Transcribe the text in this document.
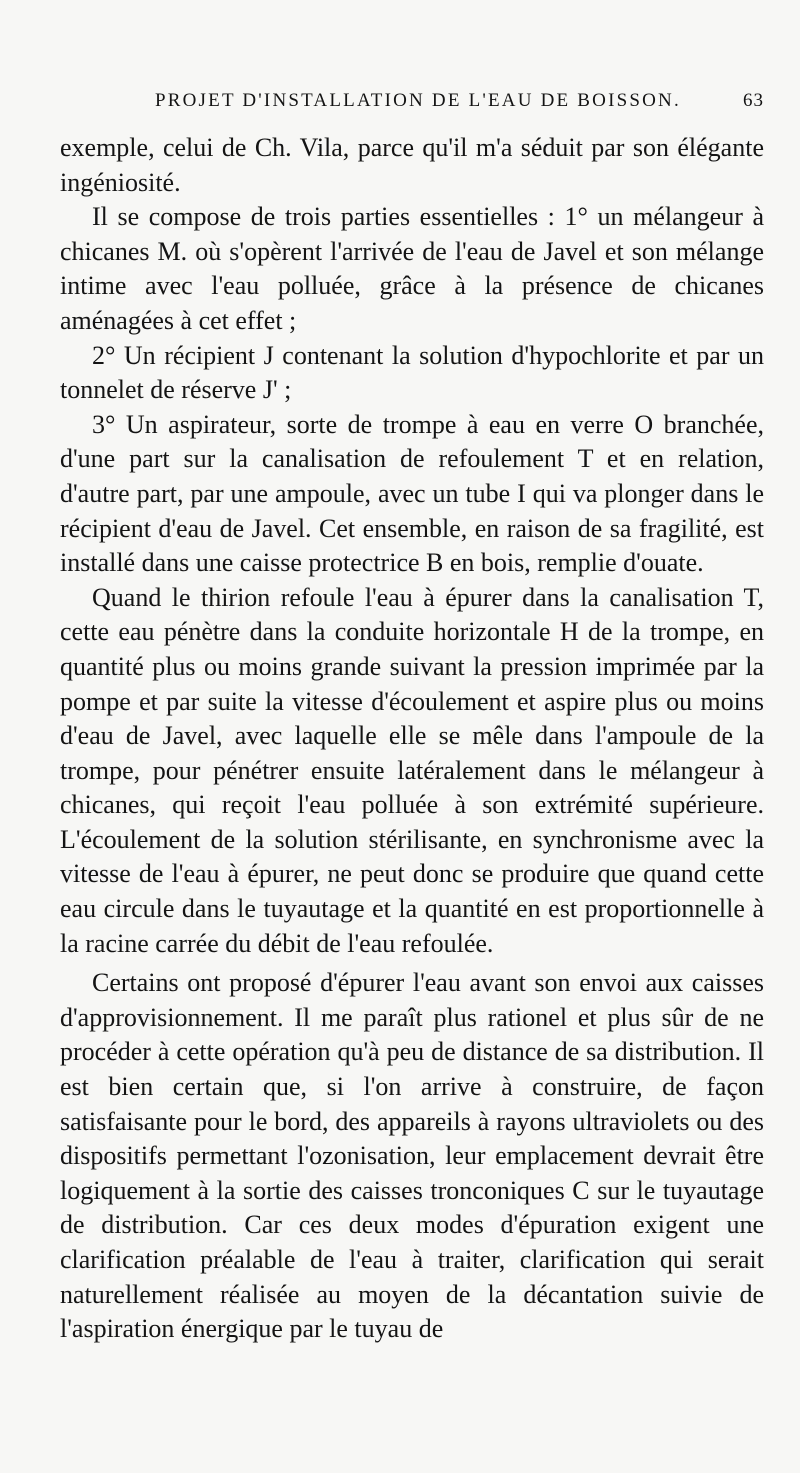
PROJET D'INSTALLATION DE L'EAU DE BOISSON.	63

exemple, celui de Ch. Vila, parce qu'il m'a séduit par son élégante ingéniosité.

Il se compose de trois parties essentielles : 1° un mélangeur à chicanes M. où s'opèrent l'arrivée de l'eau de Javel et son mélange intime avec l'eau polluée, grâce à la présence de chicanes aménagées à cet effet ;

2° Un récipient J contenant la solution d'hypochlorite et par un tonnelet de réserve J' ;

3° Un aspirateur, sorte de trompe à eau en verre O branchée, d'une part sur la canalisation de refoulement T et en relation, d'autre part, par une ampoule, avec un tube I qui va plonger dans le récipient d'eau de Javel. Cet ensemble, en raison de sa fragilité, est installé dans une caisse protectrice B en bois, remplie d'ouate.

Quand le thirion refoule l'eau à épurer dans la canalisation T, cette eau pénètre dans la conduite horizontale H de la trompe, en quantité plus ou moins grande suivant la pression imprimée par la pompe et par suite la vitesse d'écoulement et aspire plus ou moins d'eau de Javel, avec laquelle elle se mêle dans l'ampoule de la trompe, pour pénétrer ensuite latéralement dans le mélangeur à chicanes, qui reçoit l'eau polluée à son extrémité supérieure. L'écoulement de la solution stérilisante, en synchronisme avec la vitesse de l'eau à épurer, ne peut donc se produire que quand cette eau circule dans le tuyautage et la quantité en est proportionnelle à la racine carrée du débit de l'eau refoulée.

Certains ont proposé d'épurer l'eau avant son envoi aux caisses d'approvisionnement. Il me paraît plus rationel et plus sûr de ne procéder à cette opération qu'à peu de distance de sa distribution. Il est bien certain que, si l'on arrive à construire, de façon satisfaisante pour le bord, des appareils à rayons ultraviolets ou des dispositifs permettant l'ozonisation, leur emplacement devrait être logiquement à la sortie des caisses tronconiques C sur le tuyautage de distribution. Car ces deux modes d'épuration exigent une clarification préalable de l'eau à traiter, clarification qui serait naturellement réalisée au moyen de la décantation suivie de l'aspiration énergique par le tuyau de
